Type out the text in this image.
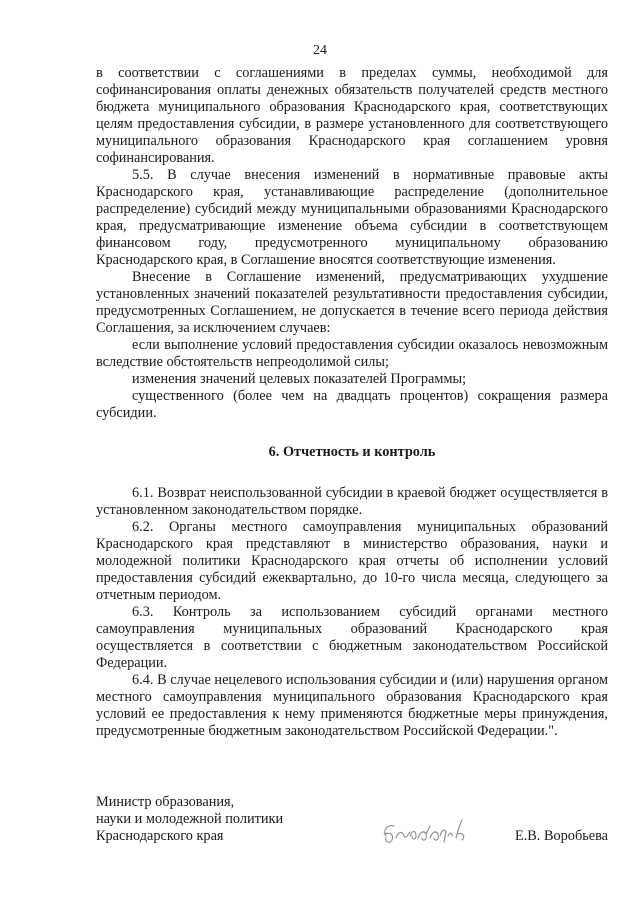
24

в соответствии с соглашениями в пределах суммы, необходимой для софинансирования оплаты денежных обязательств получателей средств местного бюджета муниципального образования Краснодарского края, соответствующих целям предоставления субсидии, в размере установленного для соответствующего муниципального образования Краснодарского края соглашением уровня софинансирования.

5.5. В случае внесения изменений в нормативные правовые акты Краснодарского края, устанавливающие распределение (дополнительное распределение) субсидий между муниципальными образованиями Краснодарского края, предусматривающие изменение объема субсидии в соответствующем финансовом году, предусмотренного муниципальному образованию Краснодарского края, в Соглашение вносятся соответствующие изменения.

Внесение в Соглашение изменений, предусматривающих ухудшение установленных значений показателей результативности предоставления субсидии, предусмотренных Соглашением, не допускается в течение всего периода действия Соглашения, за исключением случаев:

если выполнение условий предоставления субсидии оказалось невозможным вследствие обстоятельств непреодолимой силы;

изменения значений целевых показателей Программы;

существенного (более чем на двадцать процентов) сокращения размера субсидии.

6. Отчетность и контроль

6.1. Возврат неиспользованной субсидии в краевой бюджет осуществляется в установленном законодательством порядке.

6.2. Органы местного самоуправления муниципальных образований Краснодарского края представляют в министерство образования, науки и молодежной политики Краснодарского края отчеты об исполнении условий предоставления субсидий ежеквартально, до 10-го числа месяца, следующего за отчетным периодом.

6.3. Контроль за использованием субсидий органами местного самоуправления муниципальных образований Краснодарского края осуществляется в соответствии с бюджетным законодательством Российской Федерации.

6.4. В случае нецелевого использования субсидии и (или) нарушения органом местного самоуправления муниципального образования Краснодарского края условий ее предоставления к нему применяются бюджетные меры принуждения, предусмотренные бюджетным законодательством Российской Федерации.".

Министр образования,
науки и молодежной политики
Краснодарского края	Е.В. Воробьева
